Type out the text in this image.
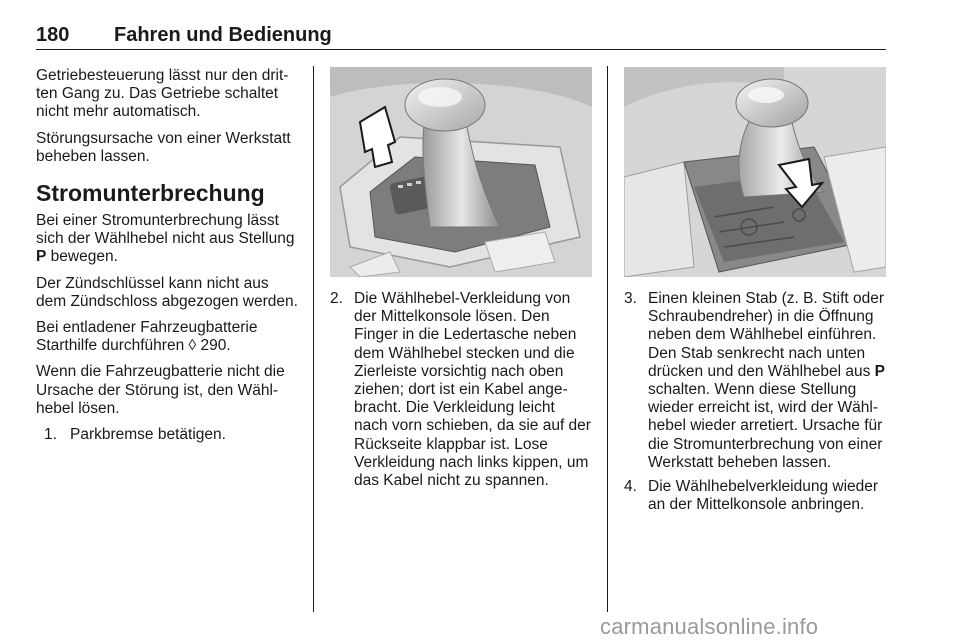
180 Fahren und Bedienung

Getriebesteuerung lässt nur den drit-ten Gang zu. Das Getriebe schaltet nicht mehr automatisch.

Störungsursache von einer Werkstatt beheben lassen.

Stromunterbrechung

Bei einer Stromunterbrechung lässt sich der Wählhebel nicht aus Stellung P bewegen.

Der Zündschlüssel kann nicht aus dem Zündschloss abgezogen werden.

Bei entladener Fahrzeugbatterie Starthilfe durchführen ◊ 290.

Wenn die Fahrzeugbatterie nicht die Ursache der Störung ist, den Wähl-hebel lösen.

1. Parkbremse betätigen.
2. Die Wählhebel-Verkleidung von der Mittelkonsole lösen. Den Finger in die Ledertasche neben dem Wählhebel stecken und die Zierleiste vorsichtig nach oben ziehen; dort ist ein Kabel ange-bracht. Die Verkleidung leicht nach vorn schieben, da sie auf der Rückseite klappbar ist. Lose Verkleidung nach links kippen, um das Kabel nicht zu spannen.
3. Einen kleinen Stab (z. B. Stift oder Schraubendreher) in die Öffnung neben dem Wählhebel einführen. Den Stab senkrecht nach unten drücken und den Wählhebel aus P schalten. Wenn diese Stellung wieder erreicht ist, wird der Wähl-hebel wieder arretiert. Ursache für die Stromunterbrechung von einer Werkstatt beheben lassen.
4. Die Wählhebelverkleidung wieder an der Mittelkonsole anbringen.
carmanualsonline.info
